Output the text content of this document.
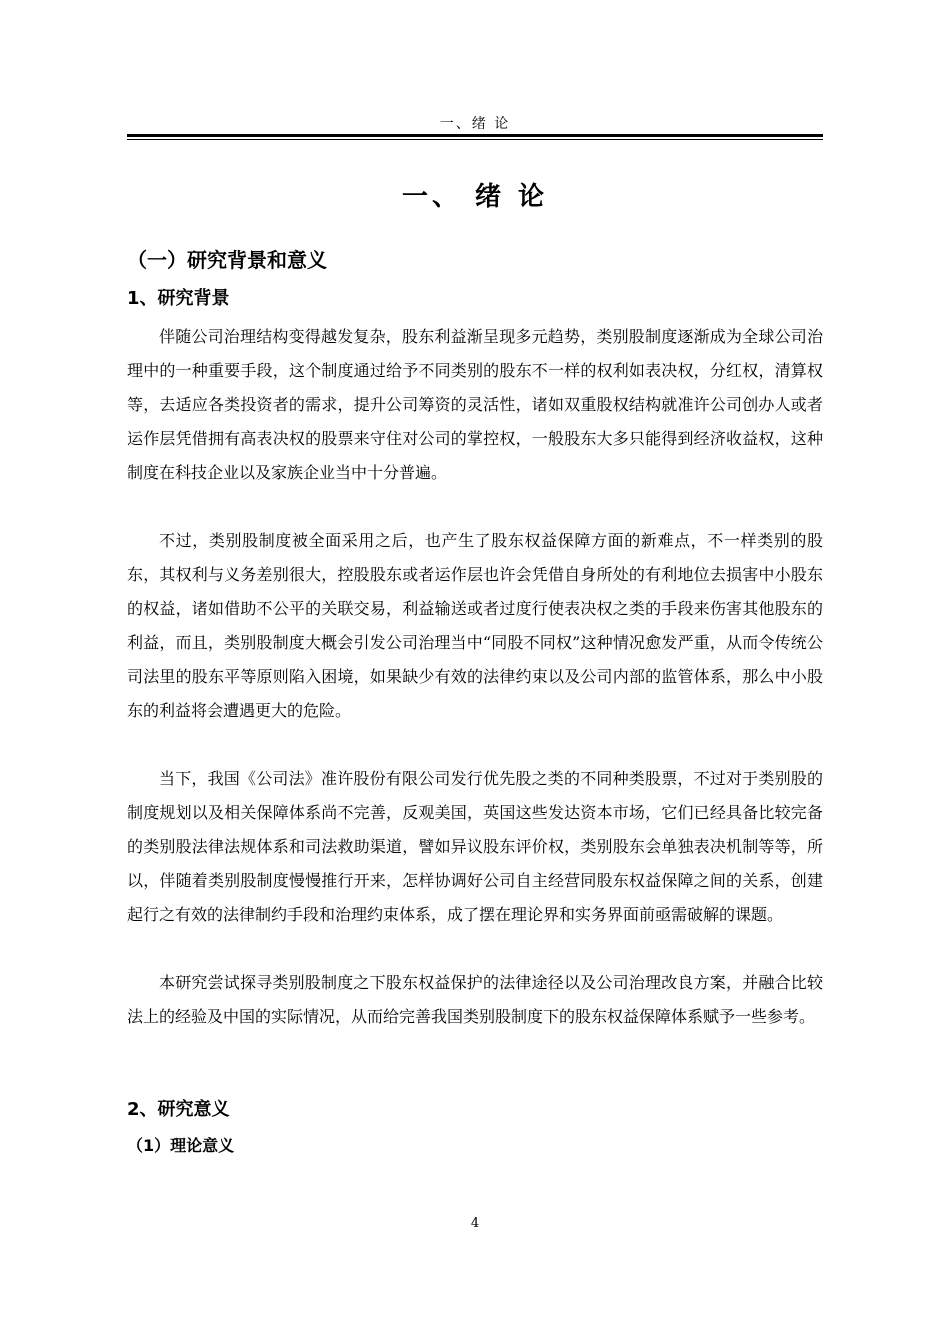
一、绪 论
一、 绪 论
（一）研究背景和意义
1、研究背景

伴随公司治理结构变得越发复杂，股东利益渐呈现多元趋势，类别股制度逐渐成为全球公司治理中的一种重要手段，这个制度通过给予不同类别的股东不一样的权利如表决权，分红权，清算权等，去适应各类投资者的需求，提升公司筹资的灵活性，诸如双重股权结构就准许公司创办人或者运作层凭借拥有高表决权的股票来守住对公司的掌控权，一般股东大多只能得到经济收益权，这种制度在科技企业以及家族企业当中十分普遍。

不过，类别股制度被全面采用之后，也产生了股东权益保障方面的新难点，不一样类别的股东，其权利与义务差别很大，控股股东或者运作层也许会凭借自身所处的有利地位去损害中小股东的权益，诸如借助不公平的关联交易，利益输送或者过度行使表决权之类的手段来伤害其他股东的利益，而且，类别股制度大概会引发公司治理当中“同股不同权”这种情况愈发严重，从而令传统公司法里的股东平等原则陷入困境，如果缺少有效的法律约束以及公司内部的监管体系，那么中小股东的利益将会遭遇更大的危险。

当下，我国《公司法》准许股份有限公司发行优先股之类的不同种类股票，不过对于类别股的制度规划以及相关保障体系尚不完善，反观美国，英国这些发达资本市场，它们已经具备比较完备的类别股法律法规体系和司法救助渠道，譬如异议股东评价权，类别股东会单独表决机制等等，所以，伴随着类别股制度慢慢推行开来，怎样协调好公司自主经营同股东权益保障之间的关系，创建起行之有效的法律制约手段和治理约束体系，成了摆在理论界和实务界面前亟需破解的课题。

本研究尝试探寻类别股制度之下股东权益保护的法律途径以及公司治理改良方案，并融合比较法上的经验及中国的实际情况，从而给完善我国类别股制度下的股东权益保障体系赋予一些参考。

2、研究意义
（1）理论意义
4
